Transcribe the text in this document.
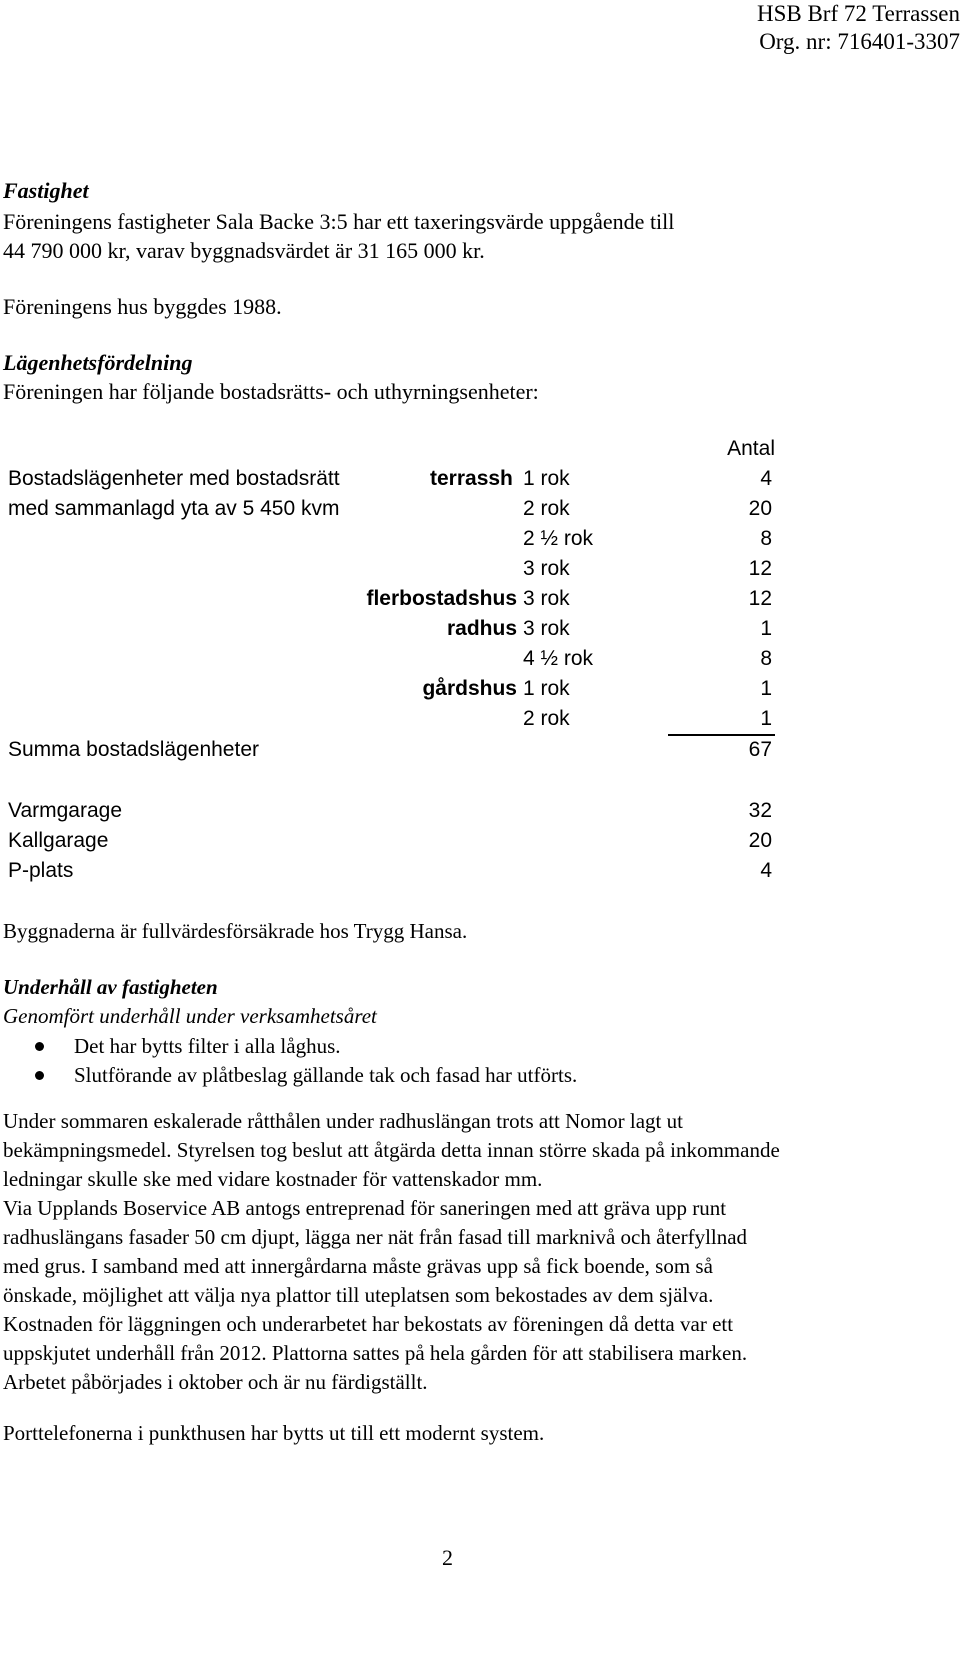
HSB Brf 72 Terrassen
Org. nr: 716401-3307
Fastighet
Föreningens fastigheter Sala Backe 3:5 har ett taxeringsvärde uppgående till
44 790 000 kr, varav byggnadsvärdet är 31 165 000 kr.
Föreningens hus byggdes 1988.
Lägenhetsfördelning
Föreningen har följande bostadsrätts- och uthyrningsenheter:
Antal
Bostadslägenheter med bostadsrätt
med sammanlagd yta av 5 450 kvm
terrassh 1 rok	4
2 rok	20
2 ½ rok	8
3 rok	12
flerbostadshus 3 rok	12
radhus 3 rok	1
4 ½ rok	8
gårdshus 1 rok	1
2 rok	1
Summa bostadslägenheter	67
Varmgarage	32
Kallgarage	20
P-plats	4
Byggnaderna är fullvärdesförsäkrade hos Trygg Hansa.
Underhåll av fastigheten
Genomfört underhåll under verksamhetsåret
Det har bytts filter i alla låghus.
Slutförande av plåtbeslag gällande tak och fasad har utförts.
Under sommaren eskalerade råtthålen under radhuslängan trots att Nomor lagt ut
bekämpningsmedel. Styrelsen tog beslut att åtgärda detta innan större skada på inkommande
ledningar skulle ske med vidare kostnader för vattenskador mm.
Via Upplands Boservice AB antogs entreprenad för saneringen med att gräva upp runt
radhuslängans fasader 50 cm djupt, lägga ner nät från fasad till marknivå och återfyllnad
med grus. I samband med att innergårdarna måste grävas upp så fick boende, som så
önskade, möjlighet att välja nya plattor till uteplatsen som bekostades av dem själva.
Kostnaden för läggningen och underarbetet har bekostats av föreningen då detta var ett
uppskjutet underhåll från 2012. Plattorna sattes på hela gården för att stabilisera marken.
Arbetet påbörjades i oktober och är nu färdigställt.
Porttelefonerna i punkthusen har bytts ut till ett modernt system.
2
